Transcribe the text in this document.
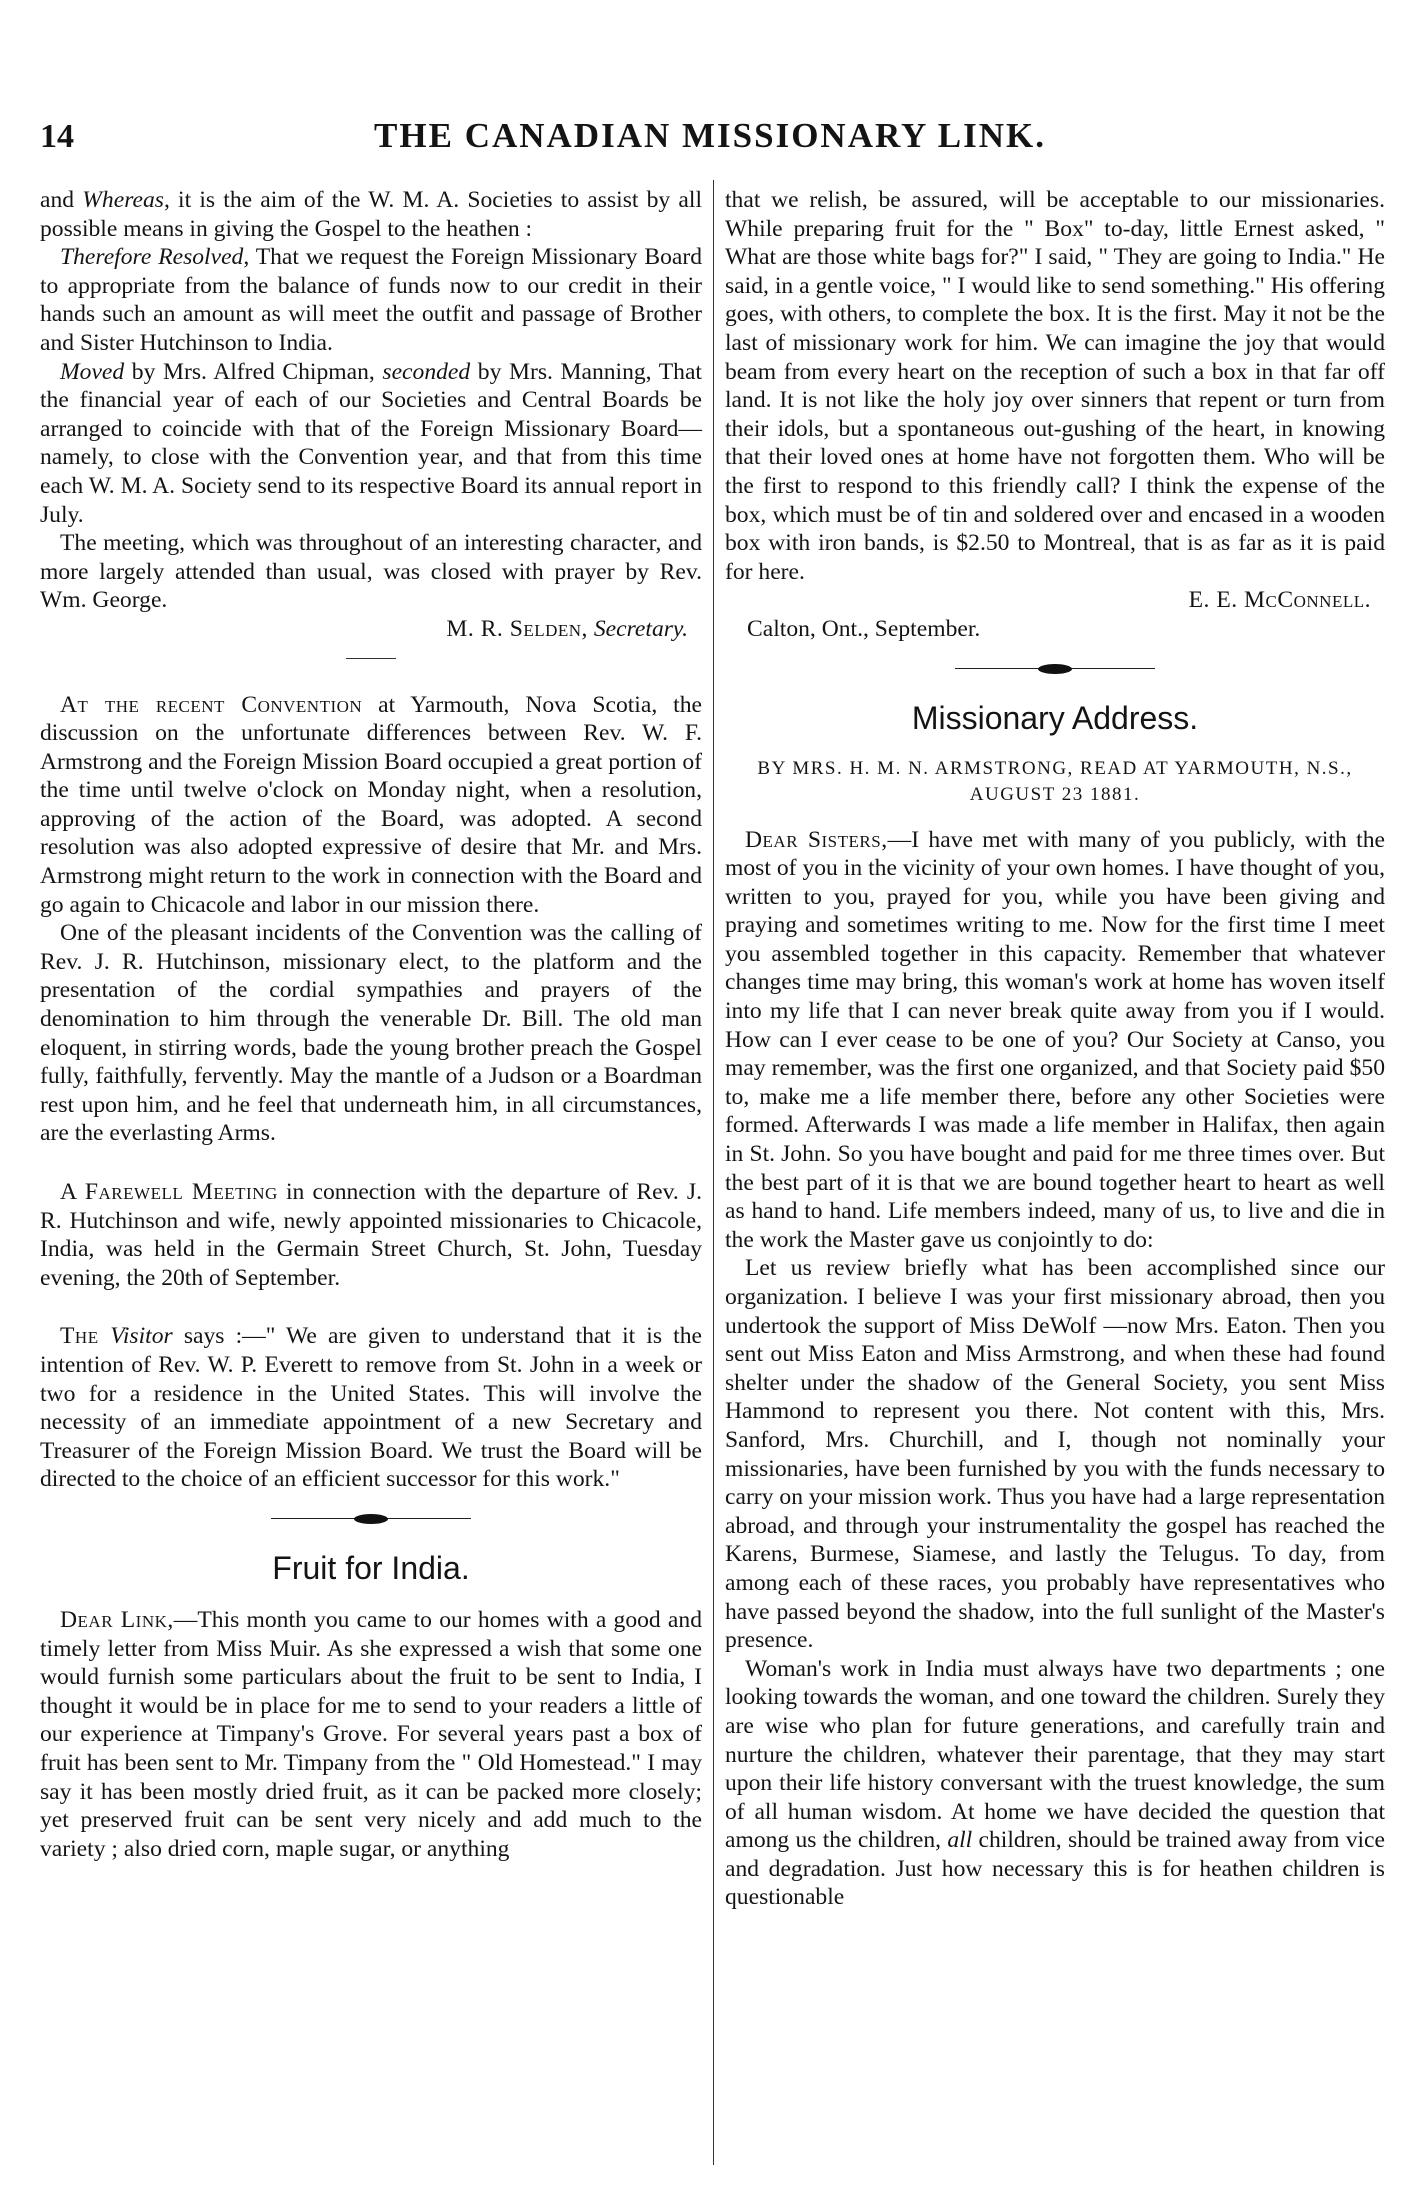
14	THE CANADIAN MISSIONARY LINK.

and Whereas, it is the aim of the W. M. A. Societies to assist by all possible means in giving the Gospel to the heathen :

Therefore Resolved, That we request the Foreign Missionary Board to appropriate from the balance of funds now to our credit in their hands such an amount as will meet the outfit and passage of Brother and Sister Hutchinson to India.

Moved by Mrs. Alfred Chipman, seconded by Mrs. Manning, That the financial year of each of our Societies and Central Boards be arranged to coincide with that of the Foreign Missionary Board—namely, to close with the Convention year, and that from this time each W. M. A. Society send to its respective Board its annual report in July.

The meeting, which was throughout of an interesting character, and more largely attended than usual, was closed with prayer by Rev. Wm. George.

M. R. Selden, Secretary.

At the recent Convention at Yarmouth, Nova Scotia, the discussion on the unfortunate differences between Rev. W. F. Armstrong and the Foreign Mission Board occupied a great portion of the time until twelve o'clock on Monday night, when a resolution, approving of the action of the Board, was adopted. A second resolution was also adopted expressive of desire that Mr. and Mrs. Armstrong might return to the work in connection with the Board and go again to Chicacole and labor in our mission there.

One of the pleasant incidents of the Convention was the calling of Rev. J. R. Hutchinson, missionary elect, to the platform and the presentation of the cordial sympathies and prayers of the denomination to him through the venerable Dr. Bill. The old man eloquent, in stirring words, bade the young brother preach the Gospel fully, faithfully, fervently. May the mantle of a Judson or a Boardman rest upon him, and he feel that underneath him, in all circumstances, are the everlasting Arms.

A Farewell Meeting in connection with the departure of Rev. J. R. Hutchinson and wife, newly appointed missionaries to Chicacole, India, was held in the Germain Street Church, St. John, Tuesday evening, the 20th of September.

The Visitor says :—" We are given to understand that it is the intention of Rev. W. P. Everett to remove from St. John in a week or two for a residence in the United States. This will involve the necessity of an immediate appointment of a new Secretary and Treasurer of the Foreign Mission Board. We trust the Board will be directed to the choice of an efficient successor for this work."

Fruit for India.

Dear Link,—This month you came to our homes with a good and timely letter from Miss Muir. As she expressed a wish that some one would furnish some particulars about the fruit to be sent to India, I thought it would be in place for me to send to your readers a little of our experience at Timpany's Grove. For several years past a box of fruit has been sent to Mr. Timpany from the " Old Homestead." I may say it has been mostly dried fruit, as it can be packed more closely; yet preserved fruit can be sent very nicely and add much to the variety ; also dried corn, maple sugar, or anything

that we relish, be assured, will be acceptable to our missionaries. While preparing fruit for the " Box" to-day, little Ernest asked, " What are those white bags for?" I said, " They are going to India." He said, in a gentle voice, " I would like to send something." His offering goes, with others, to complete the box. It is the first. May it not be the last of missionary work for him. We can imagine the joy that would beam from every heart on the reception of such a box in that far off land. It is not like the holy joy over sinners that repent or turn from their idols, but a spontaneous out-gushing of the heart, in knowing that their loved ones at home have not forgotten them. Who will be the first to respond to this friendly call? I think the expense of the box, which must be of tin and soldered over and encased in a wooden box with iron bands, is $2.50 to Montreal, that is as far as it is paid for here.

E. E. McConnell.

Calton, Ont., September.

Missionary Address.
BY MRS. H. M. N. ARMSTRONG, READ AT YARMOUTH, N.S., AUGUST 23 1881.

Dear Sisters,—I have met with many of you publicly, with the most of you in the vicinity of your own homes. I have thought of you, written to you, prayed for you, while you have been giving and praying and sometimes writing to me. Now for the first time I meet you assembled together in this capacity. Remember that whatever changes time may bring, this woman's work at home has woven itself into my life that I can never break quite away from you if I would. How can I ever cease to be one of you? Our Society at Canso, you may remember, was the first one organized, and that Society paid $50 to, make me a life member there, before any other Societies were formed. Afterwards I was made a life member in Halifax, then again in St. John. So you have bought and paid for me three times over. But the best part of it is that we are bound together heart to heart as well as hand to hand. Life members indeed, many of us, to live and die in the work the Master gave us conjointly to do:

Let us review briefly what has been accomplished since our organization. I believe I was your first missionary abroad, then you undertook the support of Miss DeWolf —now Mrs. Eaton. Then you sent out Miss Eaton and Miss Armstrong, and when these had found shelter under the shadow of the General Society, you sent Miss Hammond to represent you there. Not content with this, Mrs. Sanford, Mrs. Churchill, and I, though not nominally your missionaries, have been furnished by you with the funds necessary to carry on your mission work. Thus you have had a large representation abroad, and through your instrumentality the gospel has reached the Karens, Burmese, Siamese, and lastly the Telugus. To day, from among each of these races, you probably have representatives who have passed beyond the shadow, into the full sunlight of the Master's presence.

Woman's work in India must always have two departments ; one looking towards the woman, and one toward the children. Surely they are wise who plan for future generations, and carefully train and nurture the children, whatever their parentage, that they may start upon their life history conversant with the truest knowledge, the sum of all human wisdom. At home we have decided the question that among us the children, all children, should be trained away from vice and degradation. Just how necessary this is for heathen children is questionable
